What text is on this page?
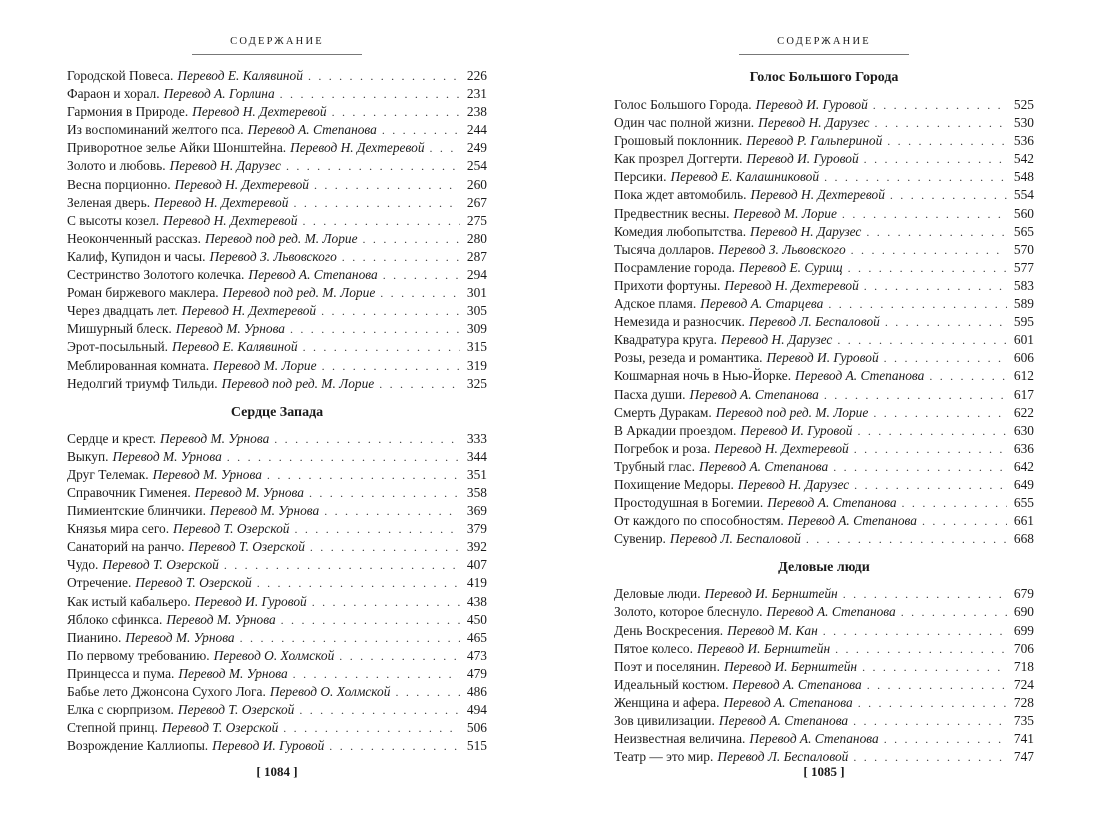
СОДЕРЖАНИЕ
Городской Повеса. Перевод Е. Калявиной . . .	226
Фараон и хорал. Перевод А. Горлина . . .	231
Гармония в Природе. Перевод Н. Дехтеревой . . .	238
Из воспоминаний желтого пса. Перевод А. Степанова . . .	244
Приворотное зелье Айки Шонштейна. Перевод Н. Дехтеревой . . .	249
Золото и любовь. Перевод Н. Дарузес . . .	254
Весна порционно. Перевод Н. Дехтеревой . . .	260
Зеленая дверь. Перевод Н. Дехтеревой . . .	267
С высоты козел. Перевод Н. Дехтеревой . . .	275
Неоконченный рассказ. Перевод под ред. М. Лорие . . .	280
Калиф, Купидон и часы. Перевод З. Львовского . . .	287
Сестринство Золотого колечка. Перевод А. Степанова . . .	294
Роман биржевого маклера. Перевод под ред. М. Лорие . . .	301
Через двадцать лет. Перевод Н. Дехтеревой . . .	305
Мишурный блеск. Перевод М. Урнова . . .	309
Эрот-посыльный. Перевод Е. Калявиной . . .	315
Меблированная комната. Перевод М. Лорие . . .	319
Недолгий триумф Тильди. Перевод под ред. М. Лорие . . .	325
Сердце Запада
Сердце и крест. Перевод М. Урнова . . .	333
Выкуп. Перевод М. Урнова . . .	344
Друг Телемак. Перевод М. Урнова . . .	351
Справочник Гименея. Перевод М. Урнова . . .	358
Пимиентские блинчики. Перевод М. Урнова . . .	369
Князья мира сего. Перевод Т. Озерской . . .	379
Санаторий на ранчо. Перевод Т. Озерской . . .	392
Чудо. Перевод Т. Озерской . . .	407
Отречение. Перевод Т. Озерской . . .	419
Как истый кабальеро. Перевод И. Гуровой . . .	438
Яблоко сфинкса. Перевод М. Урнова . . .	450
Пианино. Перевод М. Урнова . . .	465
По первому требованию. Перевод О. Холмской . . .	473
Принцесса и пума. Перевод М. Урнова . . .	479
Бабье лето Джонсона Сухого Лога. Перевод О. Холмской . . .	486
Елка с сюрпризом. Перевод Т. Озерской . . .	494
Степной принц. Перевод Т. Озерской . . .	506
Возрождение Каллиопы. Перевод И. Гуровой . . .	515
[ 1084 ]
СОДЕРЖАНИЕ
Голос Большого Города
Голос Большого Города. Перевод И. Гуровой . . .	525
Один час полной жизни. Перевод Н. Дарузес . . .	530
Грошовый поклонник. Перевод Р. Гальпериной . . .	536
Как прозрел Доггерти. Перевод И. Гуровой . . .	542
Персики. Перевод Е. Калашниковой . . .	548
Пока ждет автомобиль. Перевод Н. Дехтеревой . . .	554
Предвестник весны. Перевод М. Лорие . . .	560
Комедия любопытства. Перевод Н. Дарузес . . .	565
Тысяча долларов. Перевод З. Львовского . . .	570
Посрамление города. Перевод Е. Сурищ . . .	577
Прихоти фортуны. Перевод Н. Дехтеревой . . .	583
Адское пламя. Перевод А. Старцева . . .	589
Немезида и разносчик. Перевод Л. Беспаловой . . .	595
Квадратура круга. Перевод Н. Дарузес . . .	601
Розы, резеда и романтика. Перевод И. Гуровой . . .	606
Кошмарная ночь в Нью-Йорке. Перевод А. Степанова . . .	612
Пасха души. Перевод А. Степанова . . .	617
Смерть Дуракам. Перевод под ред. М. Лорие . . .	622
В Аркадии проездом. Перевод И. Гуровой . . .	630
Погребок и роза. Перевод Н. Дехтеревой . . .	636
Трубный глас. Перевод А. Степанова . . .	642
Похищение Медоры. Перевод Н. Дарузес . . .	649
Простодушная в Богемии. Перевод А. Степанова . . .	655
От каждого по способностям. Перевод А. Степанова . . .	661
Сувенир. Перевод Л. Беспаловой . . .	668
Деловые люди
Деловые люди. Перевод И. Бернштейн . . .	679
Золото, которое блеснуло. Перевод А. Степанова . . .	690
День Воскресения. Перевод М. Кан . . .	699
Пятое колесо. Перевод И. Бернштейн . . .	706
Поэт и поселянин. Перевод И. Бернштейн . . .	718
Идеальный костюм. Перевод А. Степанова . . .	724
Женщина и афера. Перевод А. Степанова . . .	728
Зов цивилизации. Перевод А. Степанова . . .	735
Неизвестная величина. Перевод А. Степанова . . .	741
Театр — это мир. Перевод Л. Беспаловой . . .	747
[ 1085 ]
